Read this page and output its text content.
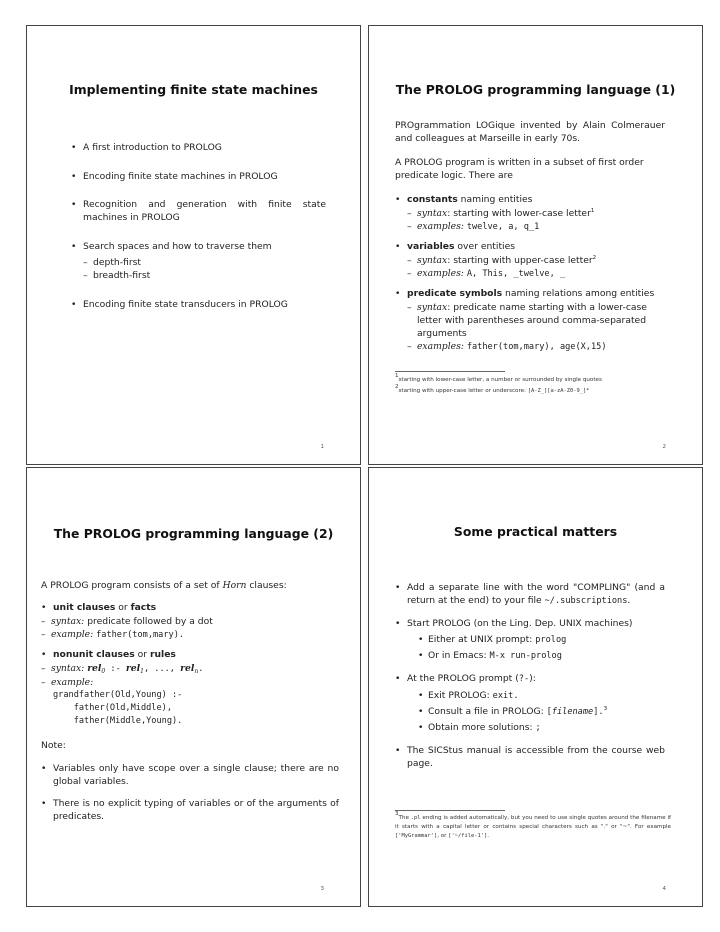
Implementing finite state machines
• A first introduction to PROLOG
• Encoding finite state machines in PROLOG
• Recognition and generation with finite state machines in PROLOG
• Search spaces and how to traverse them
– depth-first
– breadth-first
• Encoding finite state transducers in PROLOG
1
The PROLOG programming language (1)
PROgrammation LOGique invented by Alain Colmerauer and colleagues at Marseille in early 70s.
A PROLOG program is written in a subset of first order predicate logic. There are
• constants naming entities
– syntax: starting with lower-case letter$^1$
– examples: twelve, a, q_1
• variables over entities
– syntax: starting with upper-case letter$^2$
– examples: A, This, _twelve, _
• predicate symbols naming relations among entities
– syntax: predicate name starting with a lower-case letter with parentheses around comma-separated arguments
– examples: father(tom,mary), age(X,15)
$^1$starting with lower-case letter, a number or surrounded by single quotes
$^2$starting with upper-case letter or underscore: [A-Z_][a-zA-Z0-9_]*
2
The PROLOG programming language (2)
A PROLOG program consists of a set of Horn clauses:
• unit clauses or facts
– syntax: predicate followed by a dot
– example: father(tom,mary).
• nonunit clauses or rules
– syntax: rel$_0$ :- rel$_1$, ..., rel$_n$.
– example:
grandfather(Old,Young) :-
father(Old,Middle),
father(Middle,Young).
Note:
• Variables only have scope over a single clause; there are no global variables.
• There is no explicit typing of variables or of the arguments of predicates.
3
Some practical matters
• Add a separate line with the word "COMPLING" (and a return at the end) to your file ~/.subscriptions.
• Start PROLOG (on the Ling. Dep. UNIX machines)
• Either at UNIX prompt: prolog
• Or in Emacs: M-x run-prolog
• At the PROLOG prompt (?-):
• Exit PROLOG: exit.
• Consult a file in PROLOG: [filename].$^3$
• Obtain more solutions: ;
• The SICStus manual is accessible from the course web page.
$^3$The .pl ending is added automatically, but you need to use single quotes around the filename if it starts with a capital letter or contains special characters such as "." or "~". For example ['MyGrammar'], or ['~/file-1'].
4
